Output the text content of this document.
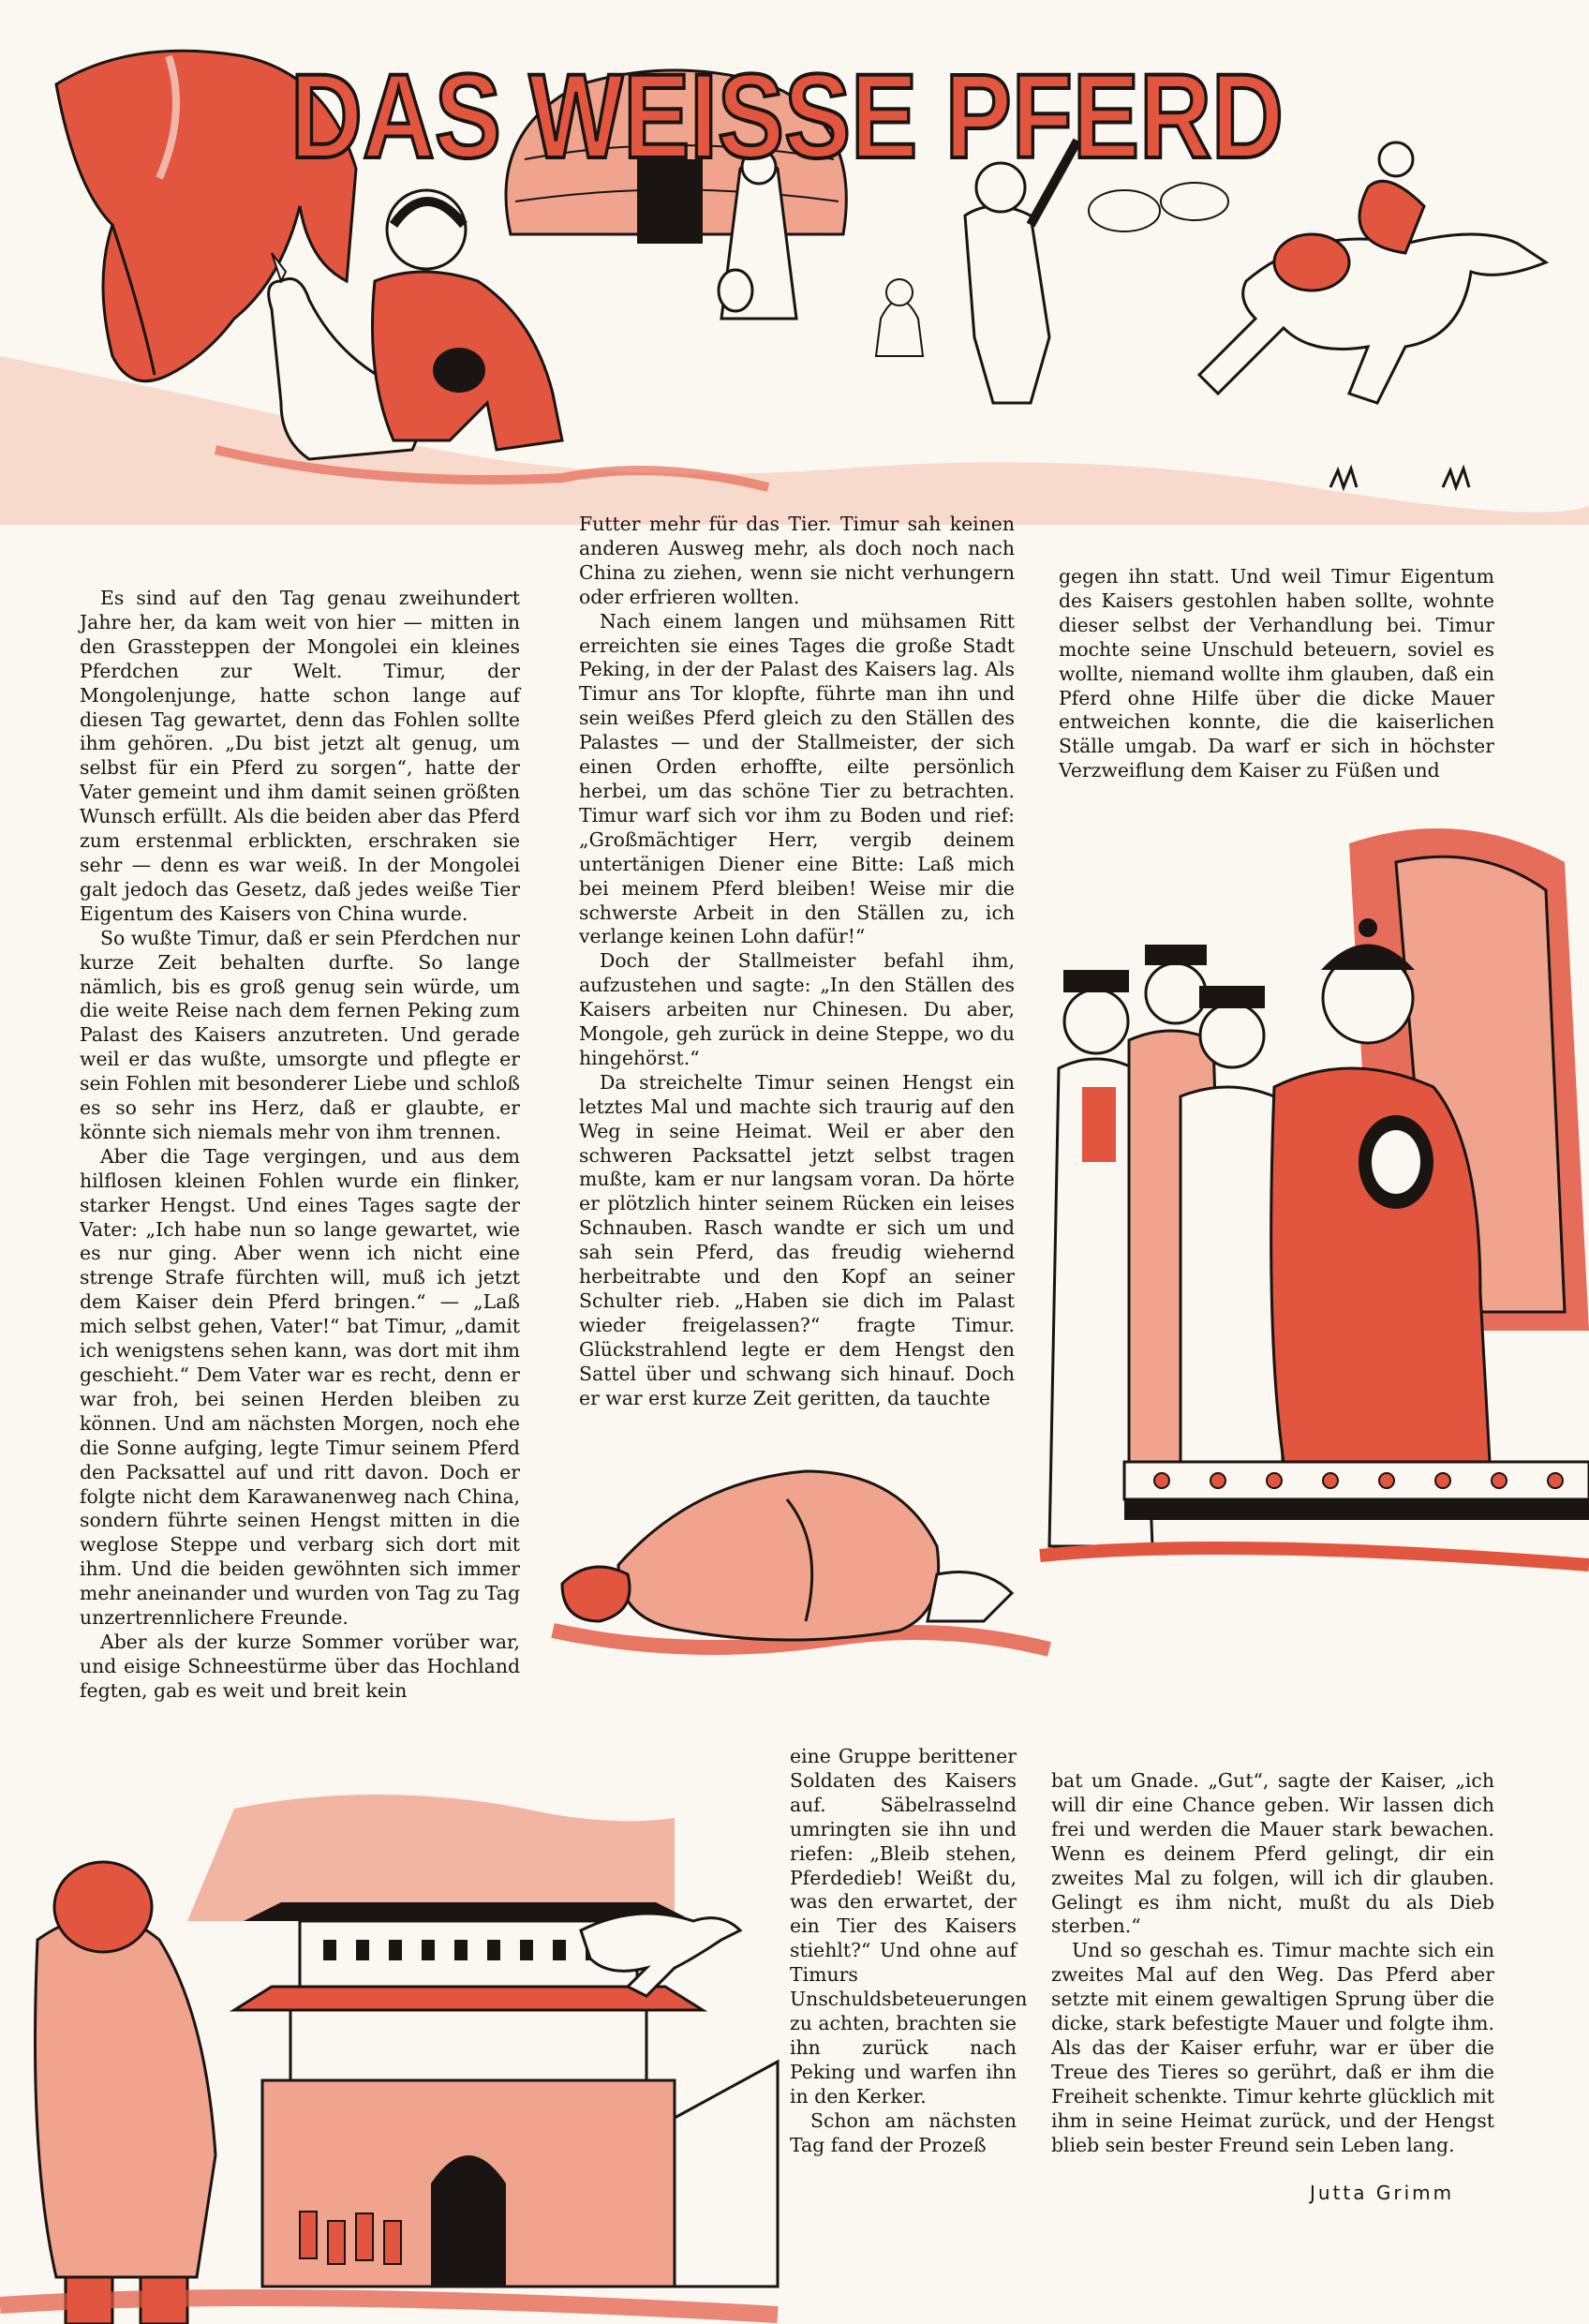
DAS WEISSE PFERD

Es sind auf den Tag genau zweihundert Jahre her, da kam weit von hier — mitten in den Grassteppen der Mongolei ein kleines Pferdchen zur Welt. Timur, der Mongolenjunge, hatte schon lange auf diesen Tag gewartet, denn das Fohlen sollte ihm gehören. „Du bist jetzt alt genug, um selbst für ein Pferd zu sorgen“, hatte der Vater gemeint und ihm damit seinen größten Wunsch erfüllt. Als die beiden aber das Pferd zum erstenmal erblickten, erschraken sie sehr — denn es war weiß. In der Mongolei galt jedoch das Gesetz, daß jedes weiße Tier Eigentum des Kaisers von China wurde.

So wußte Timur, daß er sein Pferdchen nur kurze Zeit behalten durfte. So lange nämlich, bis es groß genug sein würde, um die weite Reise nach dem fernen Peking zum Palast des Kaisers anzutreten. Und gerade weil er das wußte, umsorgte und pflegte er sein Fohlen mit besonderer Liebe und schloß es so sehr ins Herz, daß er glaubte, er könnte sich niemals mehr von ihm trennen.

Aber die Tage vergingen, und aus dem hilflosen kleinen Fohlen wurde ein flinker, starker Hengst. Und eines Tages sagte der Vater: „Ich habe nun so lange gewartet, wie es nur ging. Aber wenn ich nicht eine strenge Strafe fürchten will, muß ich jetzt dem Kaiser dein Pferd bringen.“ — „Laß mich selbst gehen, Vater!“ bat Timur, „damit ich wenigstens sehen kann, was dort mit ihm geschieht.“ Dem Vater war es recht, denn er war froh, bei seinen Herden bleiben zu können. Und am nächsten Morgen, noch ehe die Sonne aufging, legte Timur seinem Pferd den Packsattel auf und ritt davon. Doch er folgte nicht dem Karawanenweg nach China, sondern führte seinen Hengst mitten in die weglose Steppe und verbarg sich dort mit ihm. Und die beiden gewöhnten sich immer mehr aneinander und wurden von Tag zu Tag unzertrennlichere Freunde.

Aber als der kurze Sommer vorüber war, und eisige Schneestürme über das Hochland fegten, gab es weit und breit kein

Futter mehr für das Tier. Timur sah keinen anderen Ausweg mehr, als doch noch nach China zu ziehen, wenn sie nicht verhungern oder erfrieren wollten.

Nach einem langen und mühsamen Ritt erreichten sie eines Tages die große Stadt Peking, in der der Palast des Kaisers lag. Als Timur ans Tor klopfte, führte man ihn und sein weißes Pferd gleich zu den Ställen des Palastes — und der Stallmeister, der sich einen Orden erhoffte, eilte persönlich herbei, um das schöne Tier zu betrachten. Timur warf sich vor ihm zu Boden und rief: „Großmächtiger Herr, vergib deinem untertänigen Diener eine Bitte: Laß mich bei meinem Pferd bleiben! Weise mir die schwerste Arbeit in den Ställen zu, ich verlange keinen Lohn dafür!“

Doch der Stallmeister befahl ihm, aufzustehen und sagte: „In den Ställen des Kaisers arbeiten nur Chinesen. Du aber, Mongole, geh zurück in deine Steppe, wo du hingehörst.“

Da streichelte Timur seinen Hengst ein letztes Mal und machte sich traurig auf den Weg in seine Heimat. Weil er aber den schweren Packsattel jetzt selbst tragen mußte, kam er nur langsam voran. Da hörte er plötzlich hinter seinem Rücken ein leises Schnauben. Rasch wandte er sich um und sah sein Pferd, das freudig wiehernd herbeitrabte und den Kopf an seiner Schulter rieb. „Haben sie dich im Palast wieder freigelassen?“ fragte Timur. Glückstrahlend legte er dem Hengst den Sattel über und schwang sich hinauf. Doch er war erst kurze Zeit geritten, da tauchte

gegen ihn statt. Und weil Timur Eigentum des Kaisers gestohlen haben sollte, wohnte dieser selbst der Verhandlung bei. Timur mochte seine Unschuld beteuern, soviel es wollte, niemand wollte ihm glauben, daß ein Pferd ohne Hilfe über die dicke Mauer entweichen konnte, die die kaiserlichen Ställe umgab. Da warf er sich in höchster Verzweiflung dem Kaiser zu Füßen und

eine Gruppe berittener Soldaten des Kaisers auf. Säbelrasselnd umringten sie ihn und riefen: „Bleib stehen, Pferdedieb! Weißt du, was den erwartet, der ein Tier des Kaisers stiehlt?“ Und ohne auf Timurs Unschuldsbeteuerungen zu achten, brachten sie ihn zurück nach Peking und warfen ihn in den Kerker.

Schon am nächsten Tag fand der Prozeß

bat um Gnade. „Gut“, sagte der Kaiser, „ich will dir eine Chance geben. Wir lassen dich frei und werden die Mauer stark bewachen. Wenn es deinem Pferd gelingt, dir ein zweites Mal zu folgen, will ich dir glauben. Gelingt es ihm nicht, mußt du als Dieb sterben.“

Und so geschah es. Timur machte sich ein zweites Mal auf den Weg. Das Pferd aber setzte mit einem gewaltigen Sprung über die dicke, stark befestigte Mauer und folgte ihm. Als das der Kaiser erfuhr, war er über die Treue des Tieres so gerührt, daß er ihm die Freiheit schenkte. Timur kehrte glücklich mit ihm in seine Heimat zurück, und der Hengst blieb sein bester Freund sein Leben lang.

Jutta Grimm
